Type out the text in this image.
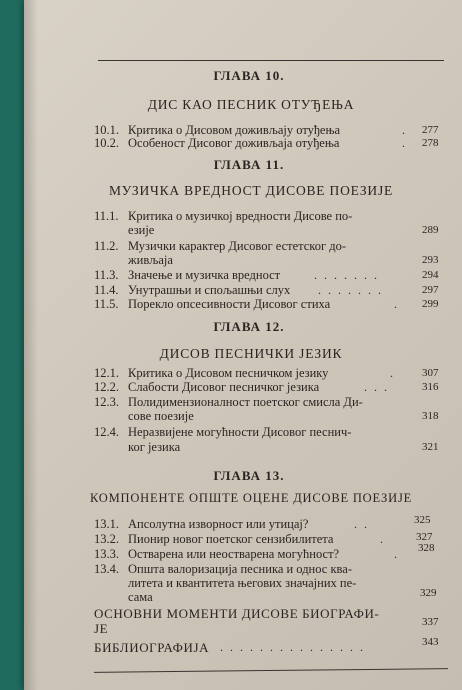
ГЛАВА 10.
ДИС КАО ПЕСНИК ОТУЂЕЊА
10.1. Критика о Дисовом доживљају отуђења	. 277
10.2. Особеност Дисовог доживљаја отуђења	. 278
ГЛАВА 11.
МУЗИЧКА ВРЕДНОСТ ДИСОВЕ ПОЕЗИЈЕ
11.1. Критика о музичкој вредности Дисове по-
езије	289
11.2. Музички карактер Дисовог естетског до-
живљаја	293
11.3. Значење и музичка вредност	. . . . . . .	294
11.4. Унутрашњи и спољашњи слух . . . . . . .	297
11.5. Порекло опсесивности Дисовог стиха	. 299
ГЛАВА 12.
ДИСОВ ПЕСНИЧКИ ЈЕЗИК
12.1. Критика о Дисовом песничком језику	. 307
12.2. Слабости Дисовог песничког језика	. . .	316
12.3. Полидимензионалност поетског смисла Ди-
сове поезије	318
12.4. Неразвијене могућности Дисовог песнич-
ког језика	321
ГЛАВА 13.
КОМПОНЕНТЕ ОПШТЕ ОЦЕНЕ ДИСОВЕ ПОЕЗИЈЕ
13.1. Апсолутна изворност или утицај?	. .	325
13.2. Пионир новог поетског сензибилитета	.	327
13.3. Остварена или неостварена могућност?	. 328
13.4. Општа валоризација песника и однос ква-
литета и квантитета његових значајних пе-
сама	329
ОСНОВНИ МОМЕНТИ ДИСОВЕ БИОГРАФИ-
ЈЕ	337
БИБЛИОГРАФИЈА . . . . . . . . . . . . . . .	343
